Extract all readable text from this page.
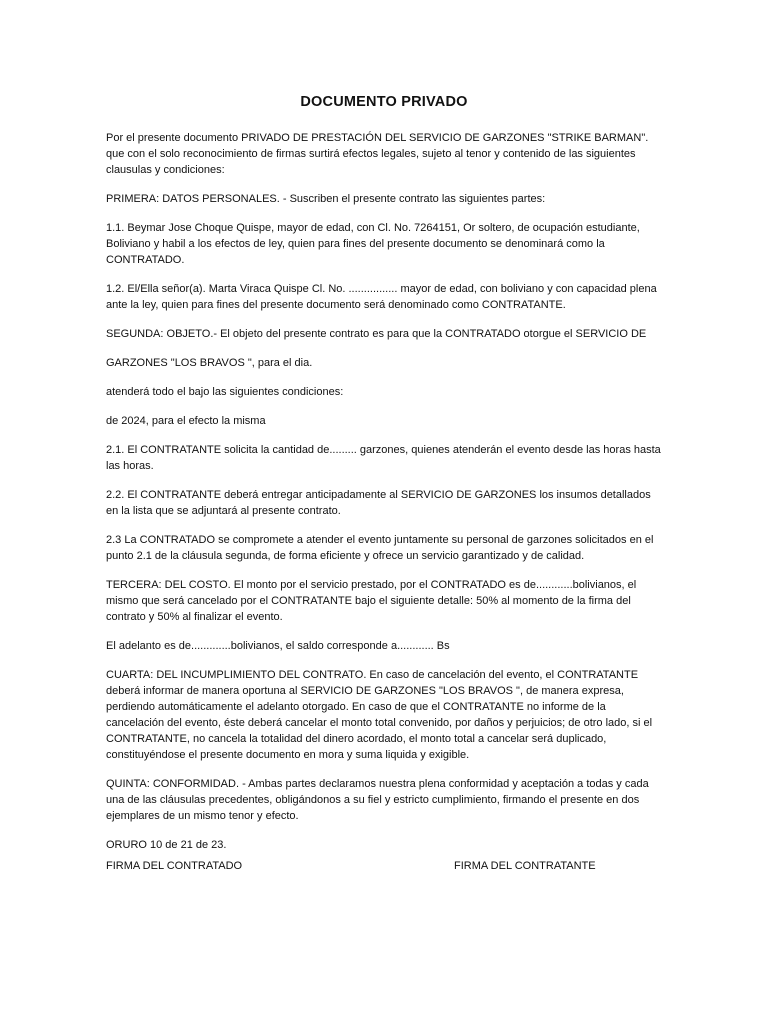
DOCUMENTO PRIVADO

Por el presente documento PRIVADO DE PRESTACIÓN DEL SERVICIO DE GARZONES "STRIKE BARMAN". que con el solo reconocimiento de firmas surtirá efectos legales, sujeto al tenor y contenido de las siguientes clausulas y condiciones:

PRIMERA: DATOS PERSONALES. - Suscriben el presente contrato las siguientes partes:

1.1. Beymar Jose Choque Quispe, mayor de edad, con Cl. No. 7264151, Or soltero, de ocupación estudiante, Boliviano y habil a los efectos de ley, quien para fines del presente documento se denominará como la CONTRATADO.

1.2. El/Ella señor(a). Marta Viraca Quispe Cl. No. ................ mayor de edad, con boliviano y con capacidad plena ante la ley, quien para fines del presente documento será denominado como CONTRATANTE.

SEGUNDA: OBJETO.- El objeto del presente contrato es para que la CONTRATADO otorgue el SERVICIO DE

GARZONES "LOS BRAVOS ", para el dia.

atenderá todo el bajo las siguientes condiciones:

de 2024, para el efecto la misma

2.1. El CONTRATANTE solicita la cantidad de......... garzones, quienes atenderán el evento desde las horas hasta las horas.

2.2. El CONTRATANTE deberá entregar anticipadamente al SERVICIO DE GARZONES los insumos detallados en la lista que se adjuntará al presente contrato.

2.3 La CONTRATADO se compromete a atender el evento juntamente su personal de garzones solicitados en el punto 2.1 de la cláusula segunda, de forma eficiente y ofrece un servicio garantizado y de calidad.

TERCERA: DEL COSTO. El monto por el servicio prestado, por el CONTRATADO es de............bolivianos, el mismo que será cancelado por el CONTRATANTE bajo el siguiente detalle: 50% al momento de la firma del contrato y 50% al finalizar el evento.

El adelanto es de.............bolivianos, el saldo corresponde a............ Bs

CUARTA: DEL INCUMPLIMIENTO DEL CONTRATO. En caso de cancelación del evento, el CONTRATANTE deberá informar de manera oportuna al SERVICIO DE GARZONES "LOS BRAVOS ", de manera expresa, perdiendo automáticamente el adelanto otorgado. En caso de que el CONTRATANTE no informe de la cancelación del evento, éste deberá cancelar el monto total convenido, por daños y perjuicios; de otro lado, si el CONTRATANTE, no cancela la totalidad del dinero acordado, el monto total a cancelar será duplicado, constituyéndose el presente documento en mora y suma liquida y exigible.

QUINTA: CONFORMIDAD. - Ambas partes declaramos nuestra plena conformidad y aceptación a todas y cada una de las cláusulas precedentes, obligándonos a su fiel y estricto cumplimiento, firmando el presente en dos ejemplares de un mismo tenor y efecto.

ORURO 10 de 21 de 23.

FIRMA DEL CONTRATADO	FIRMA DEL CONTRATANTE
